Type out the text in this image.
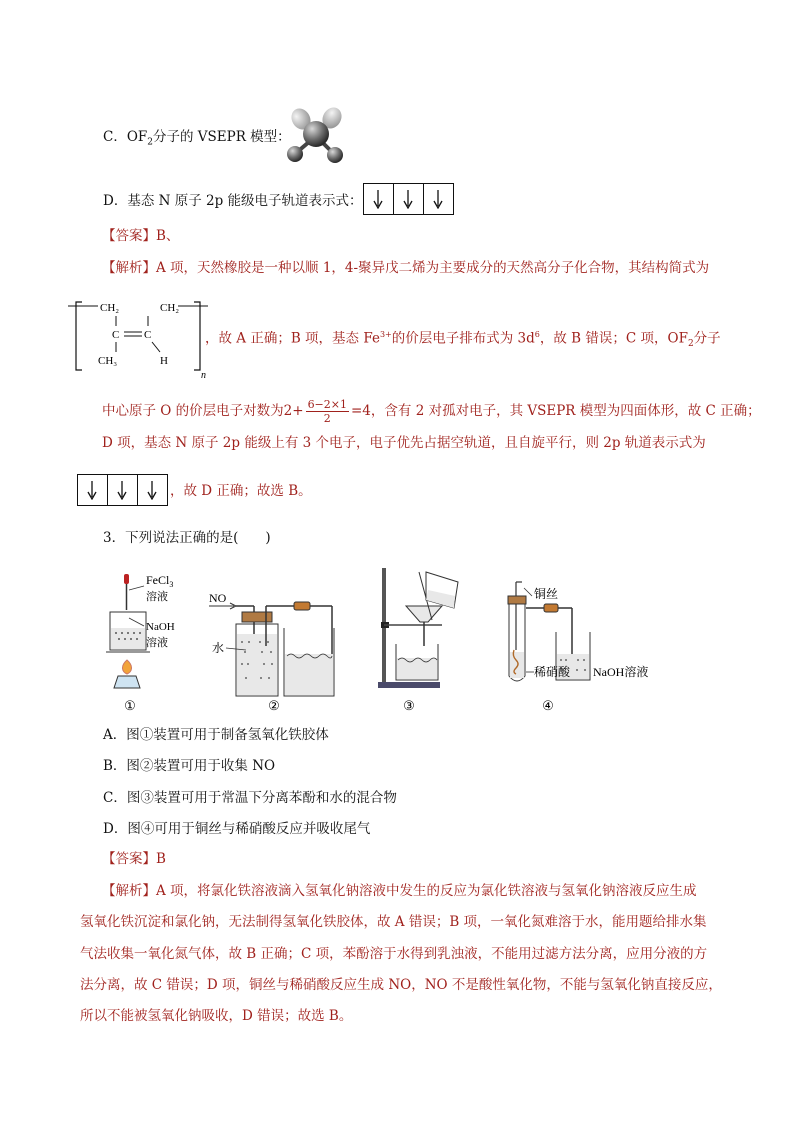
C．$OF_2$分子的 VSEPR 模型：
D．基态 N 原子 2p 能级电子轨道表示式：
【答案】B、
【解析】A 项，天然橡胶是一种以顺 1，4-聚异戊二烯为主要成分的天然高分子化合物，其结构简式为
CH₂	CH₂
C C
CH₃	H
n
，故 A 正确；B 项，基态 $Fe^{3+}$的价层电子排布式为 $3d^6$，故 B 错误；C 项，$OF_2$分子
中心原子 O 的价层电子对数为$2+ \frac{6-2\times 1}{2} =4$，含有 2 对孤对电子，其 VSEPR 模型为四面体形，故 C 正确；
D 项，基态 N 原子 2p 能级上有 3 个电子，电子优先占据空轨道，且自旋平行，则 2p 轨道表示式为
，故 D 正确；故选 B。
3．下列说法正确的是(　　)
FeCl$_3$
溶液
NaOH
溶液
①
NO
水
②	③
铜丝
稀硝酸 NaOH溶液
④
A．图①装置可用于制备氢氧化铁胶体
B．图②装置可用于收集 NO
C．图③装置可用于常温下分离苯酚和水的混合物
D．图④可用于铜丝与稀硝酸反应并吸收尾气
【答案】B
【解析】A 项，将氯化铁溶液滴入氢氧化钠溶液中发生的反应为氯化铁溶液与氢氧化钠溶液反应生成
氢氧化铁沉淀和氯化钠，无法制得氢氧化铁胶体，故 A 错误；B 项，一氧化氮难溶于水，能用题给排水集
气法收集一氧化氮气体，故 B 正确；C 项，苯酚溶于水得到乳浊液，不能用过滤方法分离，应用分液的方
法分离，故 C 错误；D 项，铜丝与稀硝酸反应生成 NO，NO 不是酸性氧化物，不能与氢氧化钠直接反应，
所以不能被氢氧化钠吸收，D 错误；故选 B。
